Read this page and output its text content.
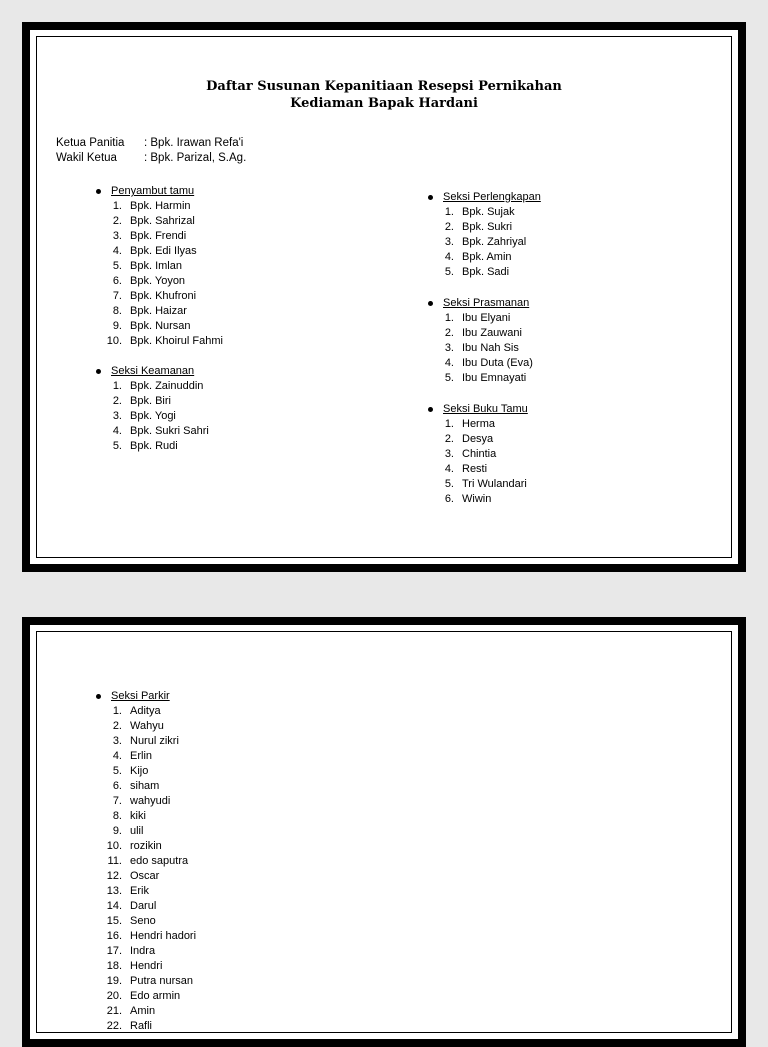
Daftar Susunan Kepanitiaan Resepsi Pernikahan
Kediaman Bapak Hardani
Ketua Panitia	: Bpk. Irawan Refa'i
Wakil Ketua	: Bpk. Parizal, S.Ag.
Penyambut tamu
1. Bpk. Harmin
2. Bpk. Sahrizal
3. Bpk. Frendi
4. Bpk. Edi Ilyas
5. Bpk. Imlan
6. Bpk. Yoyon
7. Bpk. Khufroni
8. Bpk. Haizar
9. Bpk. Nursan
10. Bpk. Khoirul Fahmi
Seksi Keamanan
1. Bpk. Zainuddin
2. Bpk. Biri
3. Bpk. Yogi
4. Bpk. Sukri Sahri
5. Bpk. Rudi
Seksi Perlengkapan
1. Bpk. Sujak
2. Bpk. Sukri
3. Bpk. Zahriyal
4. Bpk. Amin
5. Bpk. Sadi
Seksi Prasmanan
1. Ibu Elyani
2. Ibu Zauwani
3. Ibu Nah Sis
4. Ibu Duta (Eva)
5. Ibu Emnayati
Seksi Buku Tamu
1. Herma
2. Desya
3. Chintia
4. Resti
5. Tri Wulandari
6. Wiwin
Seksi Parkir
1. Aditya
2. Wahyu
3. Nurul zikri
4. Erlin
5. Kijo
6. siham
7. wahyudi
8. kiki
9. ulil
10. rozikin
11. edo saputra
12. Oscar
13. Erik
14. Darul
15. Seno
16. Hendri hadori
17. Indra
18. Hendri
19. Putra nursan
20. Edo armin
21. Amin
22. Rafli
